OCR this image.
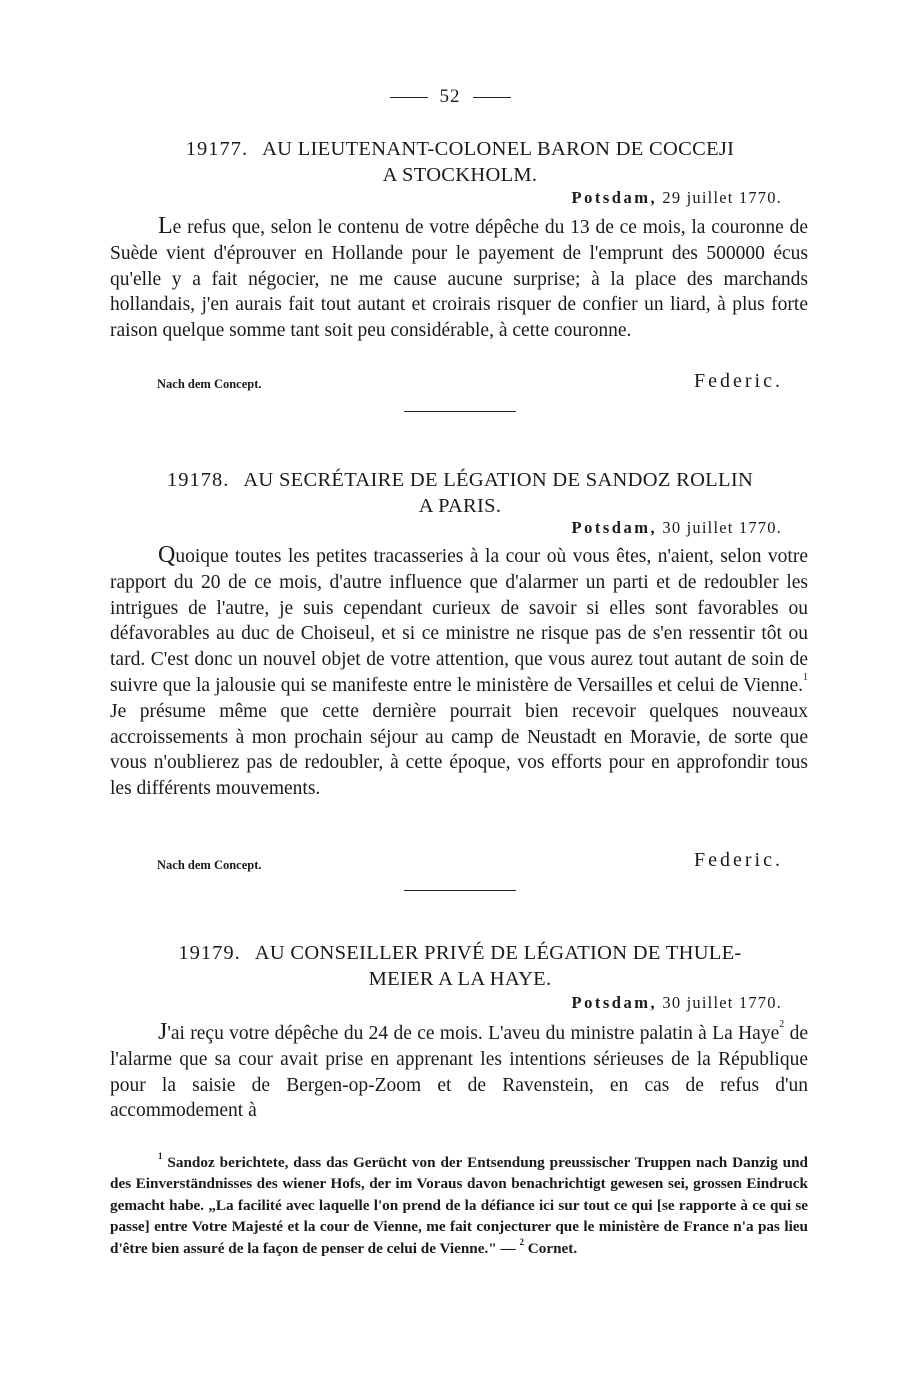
52
19177. AU LIEUTENANT-COLONEL BARON DE COCCEJI
A STOCKHOLM.
Potsdam, 29 juillet 1770.

Le refus que, selon le contenu de votre dépêche du 13 de ce mois, la couronne de Suède vient d'éprouver en Hollande pour le payement de l'emprunt des 500000 écus qu'elle y a fait négocier, ne me cause aucune surprise; à la place des marchands hollandais, j'en aurais fait tout autant et croirais risquer de confier un liard, à plus forte raison quelque somme tant soit peu considérable, à cette couronne.

Nach dem Concept.	Federic.
19178. AU SECRÉTAIRE DE LÉGATION DE SANDOZ ROLLIN
A PARIS.
Potsdam, 30 juillet 1770.

Quoique toutes les petites tracasseries à la cour où vous êtes, n'aient, selon votre rapport du 20 de ce mois, d'autre influence que d'alarmer un parti et de redoubler les intrigues de l'autre, je suis cependant curieux de savoir si elles sont favorables ou défavorables au duc de Choiseul, et si ce ministre ne risque pas de s'en ressentir tôt ou tard. C'est donc un nouvel objet de votre attention, que vous aurez tout autant de soin de suivre que la jalousie qui se manifeste entre le ministère de Versailles et celui de Vienne.$^1$ Je présume même que cette dernière pourrait bien recevoir quelques nouveaux accroissements à mon prochain séjour au camp de Neustadt en Moravie, de sorte que vous n'oublierez pas de redoubler, à cette époque, vos efforts pour en approfondir tous les différents mouvements.

Nach dem Concept.	Federic.
19179. AU CONSEILLER PRIVÉ DE LÉGATION DE THULE-
MEIER A LA HAYE.
Potsdam, 30 juillet 1770.

J'ai reçu votre dépêche du 24 de ce mois. L'aveu du ministre palatin à La Haye$^2$ de l'alarme que sa cour avait prise en apprenant les intentions sérieuses de la République pour la saisie de Bergen-op-Zoom et de Ravenstein, en cas de refus d'un accommodement à

$^1$ Sandoz berichtete, dass das Gerücht von der Entsendung preussischer Truppen nach Danzig und des Einverständnisses des wiener Hofs, der im Voraus davon benachrichtigt gewesen sei, grossen Eindruck gemacht habe. „La facilité avec laquelle l'on prend de la défiance ici sur tout ce qui [se rapporte à ce qui se passe] entre Votre Majesté et la cour de Vienne, me fait conjecturer que le ministère de France n'a pas lieu d'être bien assuré de la façon de penser de celui de Vienne." — $^2$ Cornet.
